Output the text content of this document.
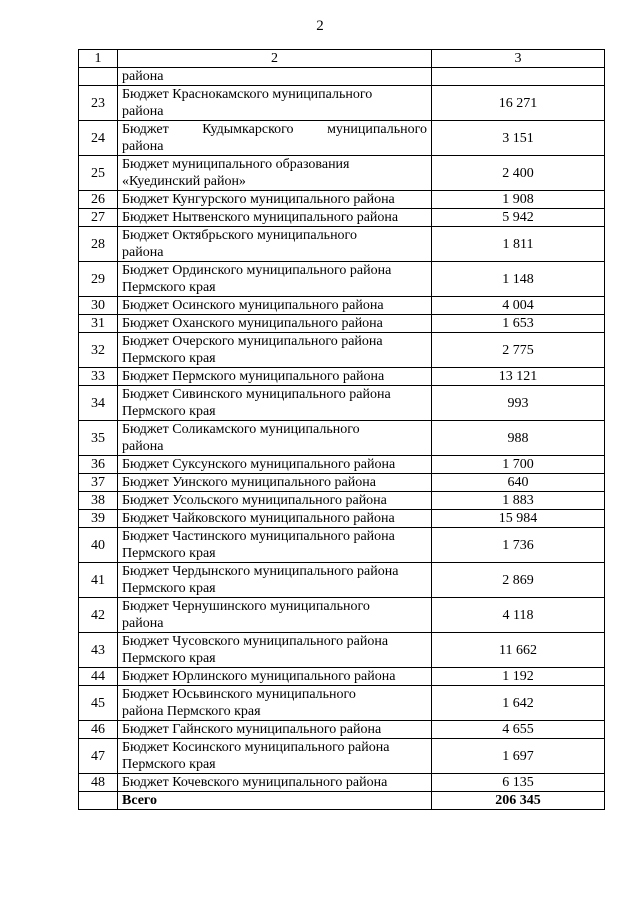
2
1	2	3
	района	
23	Бюджет Краснокамского муниципального
района	16 271
24	Бюджет Кудымкарского муниципального
района	3 151
25	Бюджет муниципального образования
«Куединский район»	2 400
26	Бюджет Кунгурского муниципального района	1 908
27	Бюджет Нытвенского муниципального района	5 942
28	Бюджет Октябрьского муниципального
района	1 811
29	Бюджет Ординского муниципального района
Пермского края	1 148
30	Бюджет Осинского муниципального района	4 004
31	Бюджет Оханского муниципального района	1 653
32	Бюджет Очерского муниципального района
Пермского края	2 775
33	Бюджет Пермского муниципального района	13 121
34	Бюджет Сивинского муниципального района
Пермского края	993
35	Бюджет Соликамского муниципального
района	988
36	Бюджет Суксунского муниципального района	1 700
37	Бюджет Уинского муниципального района	640
38	Бюджет Усольского муниципального района	1 883
39	Бюджет Чайковского муниципального района	15 984
40	Бюджет Частинского муниципального района
Пермского края	1 736
41	Бюджет Чердынского муниципального района
Пермского края	2 869
42	Бюджет Чернушинского муниципального
района	4 118
43	Бюджет Чусовского муниципального района
Пермского края	11 662
44	Бюджет Юрлинского муниципального района	1 192
45	Бюджет Юсьвинского муниципального
района Пермского края	1 642
46	Бюджет Гайнского муниципального района	4 655
47	Бюджет Косинского муниципального района
Пермского края	1 697
48	Бюджет Кочевского муниципального района	6 135
	Всего	206 345
